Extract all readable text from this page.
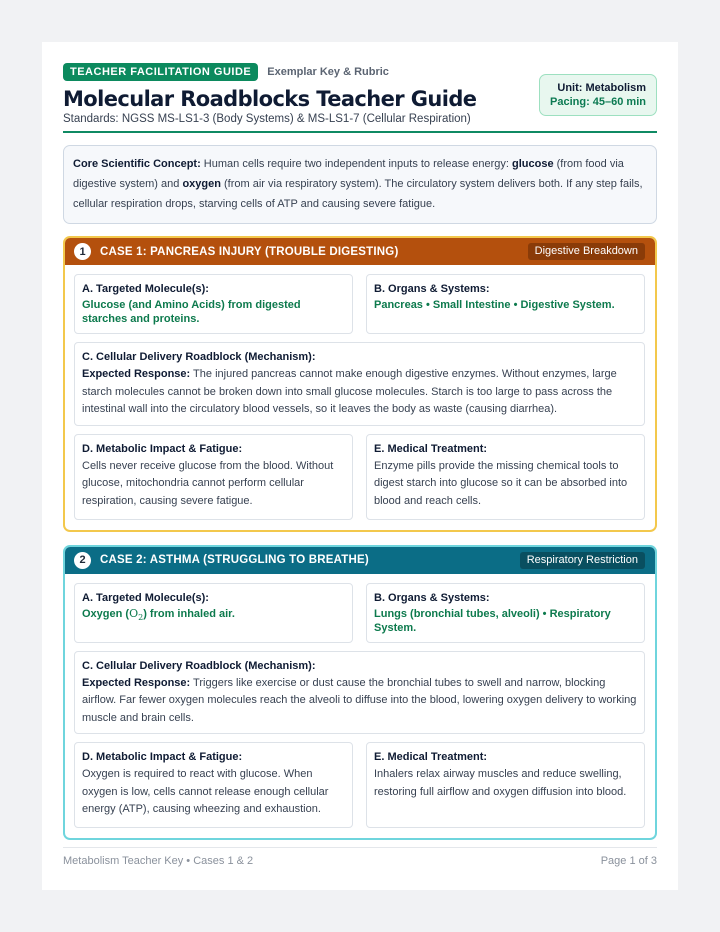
TEACHER FACILITATION GUIDE	Exemplar Key & Rubric
Molecular Roadblocks Teacher Guide
Standards: NGSS MS-LS1-3 (Body Systems) & MS-LS1-7 (Cellular Respiration)
Unit: Metabolism
Pacing: 45–60 min
Core Scientific Concept: Human cells require two independent inputs to release energy: glucose (from food via digestive system) and oxygen (from air via respiratory system). The circulatory system delivers both. If any step fails, cellular respiration drops, starving cells of ATP and causing severe fatigue.
1	CASE 1: PANCREAS INJURY (TROUBLE DIGESTING)	Digestive Breakdown
A. Targeted Molecule(s):
Glucose (and Amino Acids) from digested starches and proteins.
B. Organs & Systems:
Pancreas • Small Intestine • Digestive System.
C. Cellular Delivery Roadblock (Mechanism):
Expected Response: The injured pancreas cannot make enough digestive enzymes. Without enzymes, large starch molecules cannot be broken down into small glucose molecules. Starch is too large to pass across the intestinal wall into the circulatory blood vessels, so it leaves the body as waste (causing diarrhea).
D. Metabolic Impact & Fatigue:
Cells never receive glucose from the blood. Without glucose, mitochondria cannot perform cellular respiration, causing severe fatigue.
E. Medical Treatment:
Enzyme pills provide the missing chemical tools to digest starch into glucose so it can be absorbed into blood and reach cells.
2	CASE 2: ASTHMA (STRUGGLING TO BREATHE)	Respiratory Restriction
A. Targeted Molecule(s):
Oxygen $(O_2)$ from inhaled air.
B. Organs & Systems:
Lungs (bronchial tubes, alveoli) • Respiratory System.
C. Cellular Delivery Roadblock (Mechanism):
Expected Response: Triggers like exercise or dust cause the bronchial tubes to swell and narrow, blocking airflow. Far fewer oxygen molecules reach the alveoli to diffuse into the blood, lowering oxygen delivery to working muscle and brain cells.
D. Metabolic Impact & Fatigue:
Oxygen is required to react with glucose. When oxygen is low, cells cannot release enough cellular energy (ATP), causing wheezing and exhaustion.
E. Medical Treatment:
Inhalers relax airway muscles and reduce swelling, restoring full airflow and oxygen diffusion into blood.
Metabolism Teacher Key • Cases 1 & 2	Page 1 of 3
